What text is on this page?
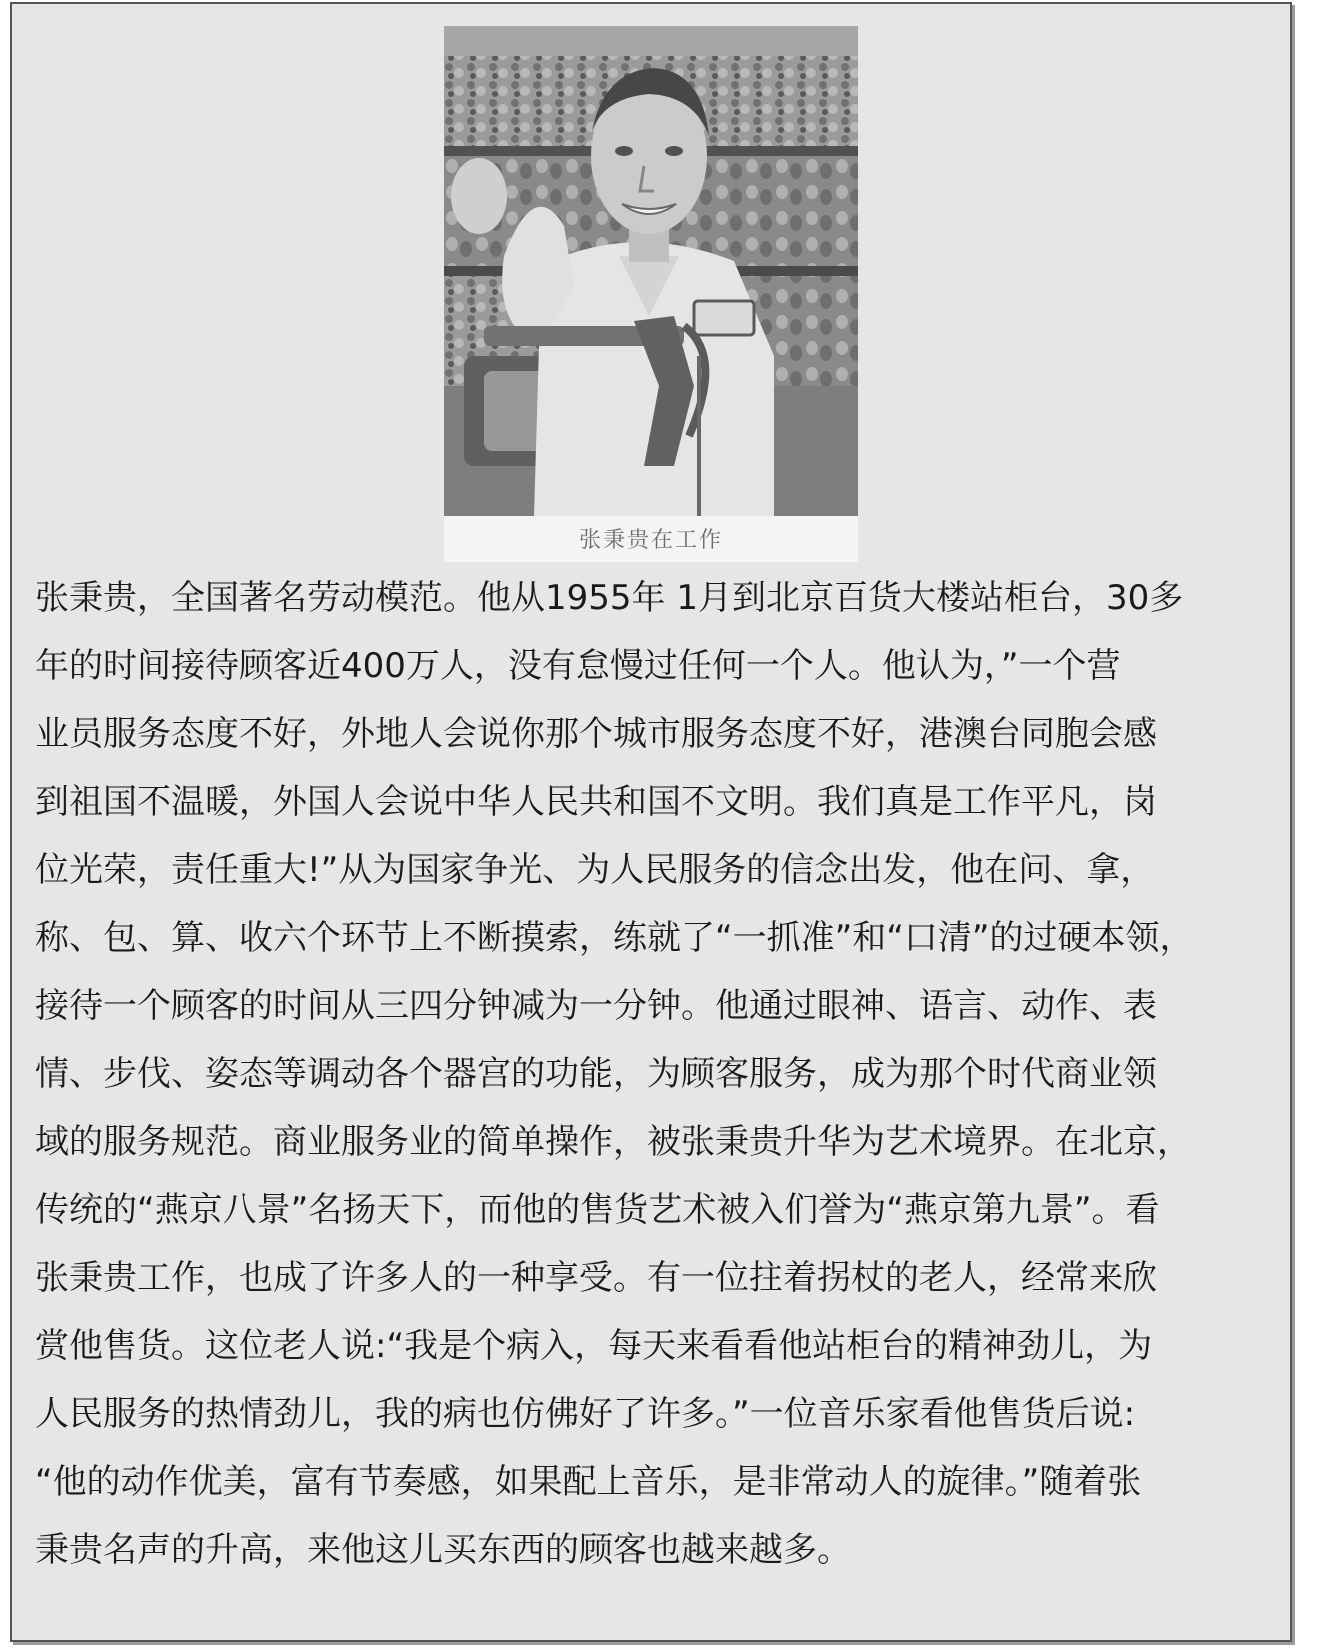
张秉贵在工作
张秉贵，全国著名劳动模范。他从1955年 1月到北京百货大楼站柜台，30多
年的时间接待顾客近400万人，没有怠慢过任何一个人。他认为，”一个营
业员服务态度不好，外地人会说你那个城市服务态度不好，港澳台同胞会感
到祖国不温暖，外国人会说中华人民共和国不文明。我们真是工作平凡，岗
位光荣，责任重大!”从为国家争光、为人民服务的信念出发，他在问、拿，
称、包、算、收六个环节上不断摸索，练就了“一抓准”和“口清”的过硬本领，
接待一个顾客的时间从三四分钟减为一分钟。他通过眼神、语言、动作、表
情、步伐、姿态等调动各个器宫的功能，为顾客服务，成为那个时代商业领
域的服务规范。商业服务业的简单操作，被张秉贵升华为艺术境界。在北京，
传统的“燕京八景”名扬天下，而他的售货艺术被入们誉为“燕京第九景”。看
张秉贵工作，也成了许多人的一种享受。有一位拄着拐杖的老人，经常来欣
赏他售货。这位老人说:“我是个病入，每天来看看他站柜台的精神劲儿，为
人民服务的热情劲儿，我的病也仿佛好了许多。”一位音乐家看他售货后说:
“他的动作优美，富有节奏感，如果配上音乐，是非常动人的旋律。”随着张
秉贵名声的升高，来他这儿买东西的顾客也越来越多。
